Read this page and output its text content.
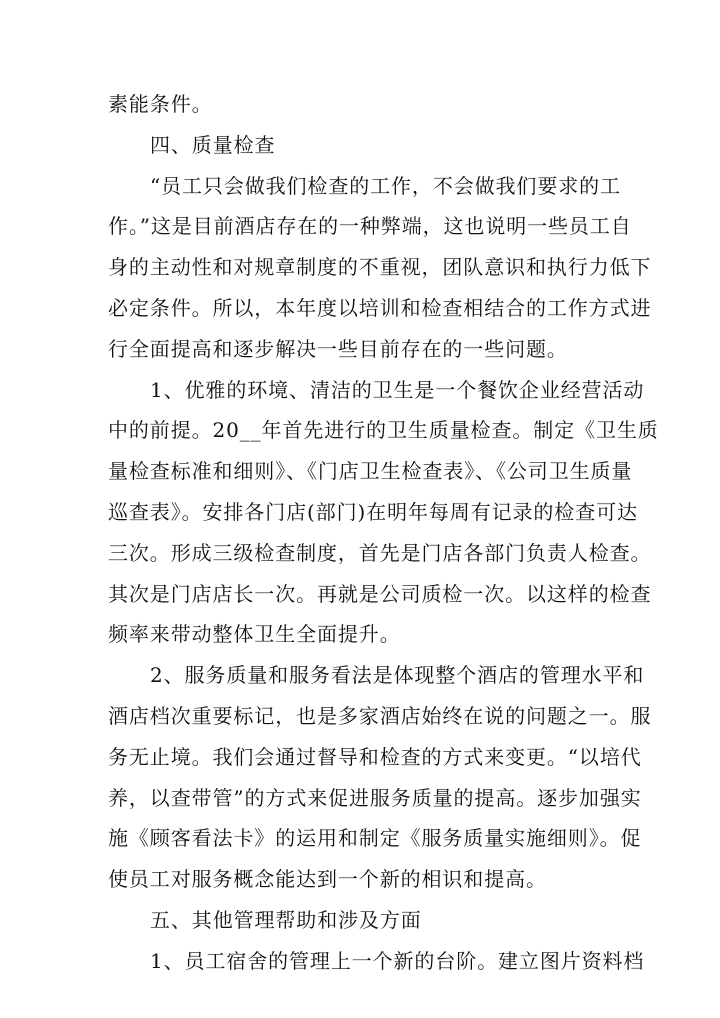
素能条件。
四、质量检查
“员工只会做我们检查的工作，不会做我们要求的工
作。”这是目前酒店存在的一种弊端，这也说明一些员工自
身的主动性和对规章制度的不重视，团队意识和执行力低下
必定条件。所以，本年度以培训和检查相结合的工作方式进
行全面提高和逐步解决一些目前存在的一些问题。
1、优雅的环境、清洁的卫生是一个餐饮企业经营活动
中的前提。20__年首先进行的卫生质量检查。制定《卫生质
量检查标准和细则》、《门店卫生检查表》、《公司卫生质量
巡查表》。安排各门店(部门)在明年每周有记录的检查可达
三次。形成三级检查制度，首先是门店各部门负责人检查。
其次是门店店长一次。再就是公司质检一次。以这样的检查
频率来带动整体卫生全面提升。
2、服务质量和服务看法是体现整个酒店的管理水平和
酒店档次重要标记，也是多家酒店始终在说的问题之一。服
务无止境。我们会通过督导和检查的方式来变更。“以培代
养，以查带管”的方式来促进服务质量的提高。逐步加强实
施《顾客看法卡》的运用和制定《服务质量实施细则》。促
使员工对服务概念能达到一个新的相识和提高。
五、其他管理帮助和涉及方面
1、员工宿舍的管理上一个新的台阶。建立图片资料档
